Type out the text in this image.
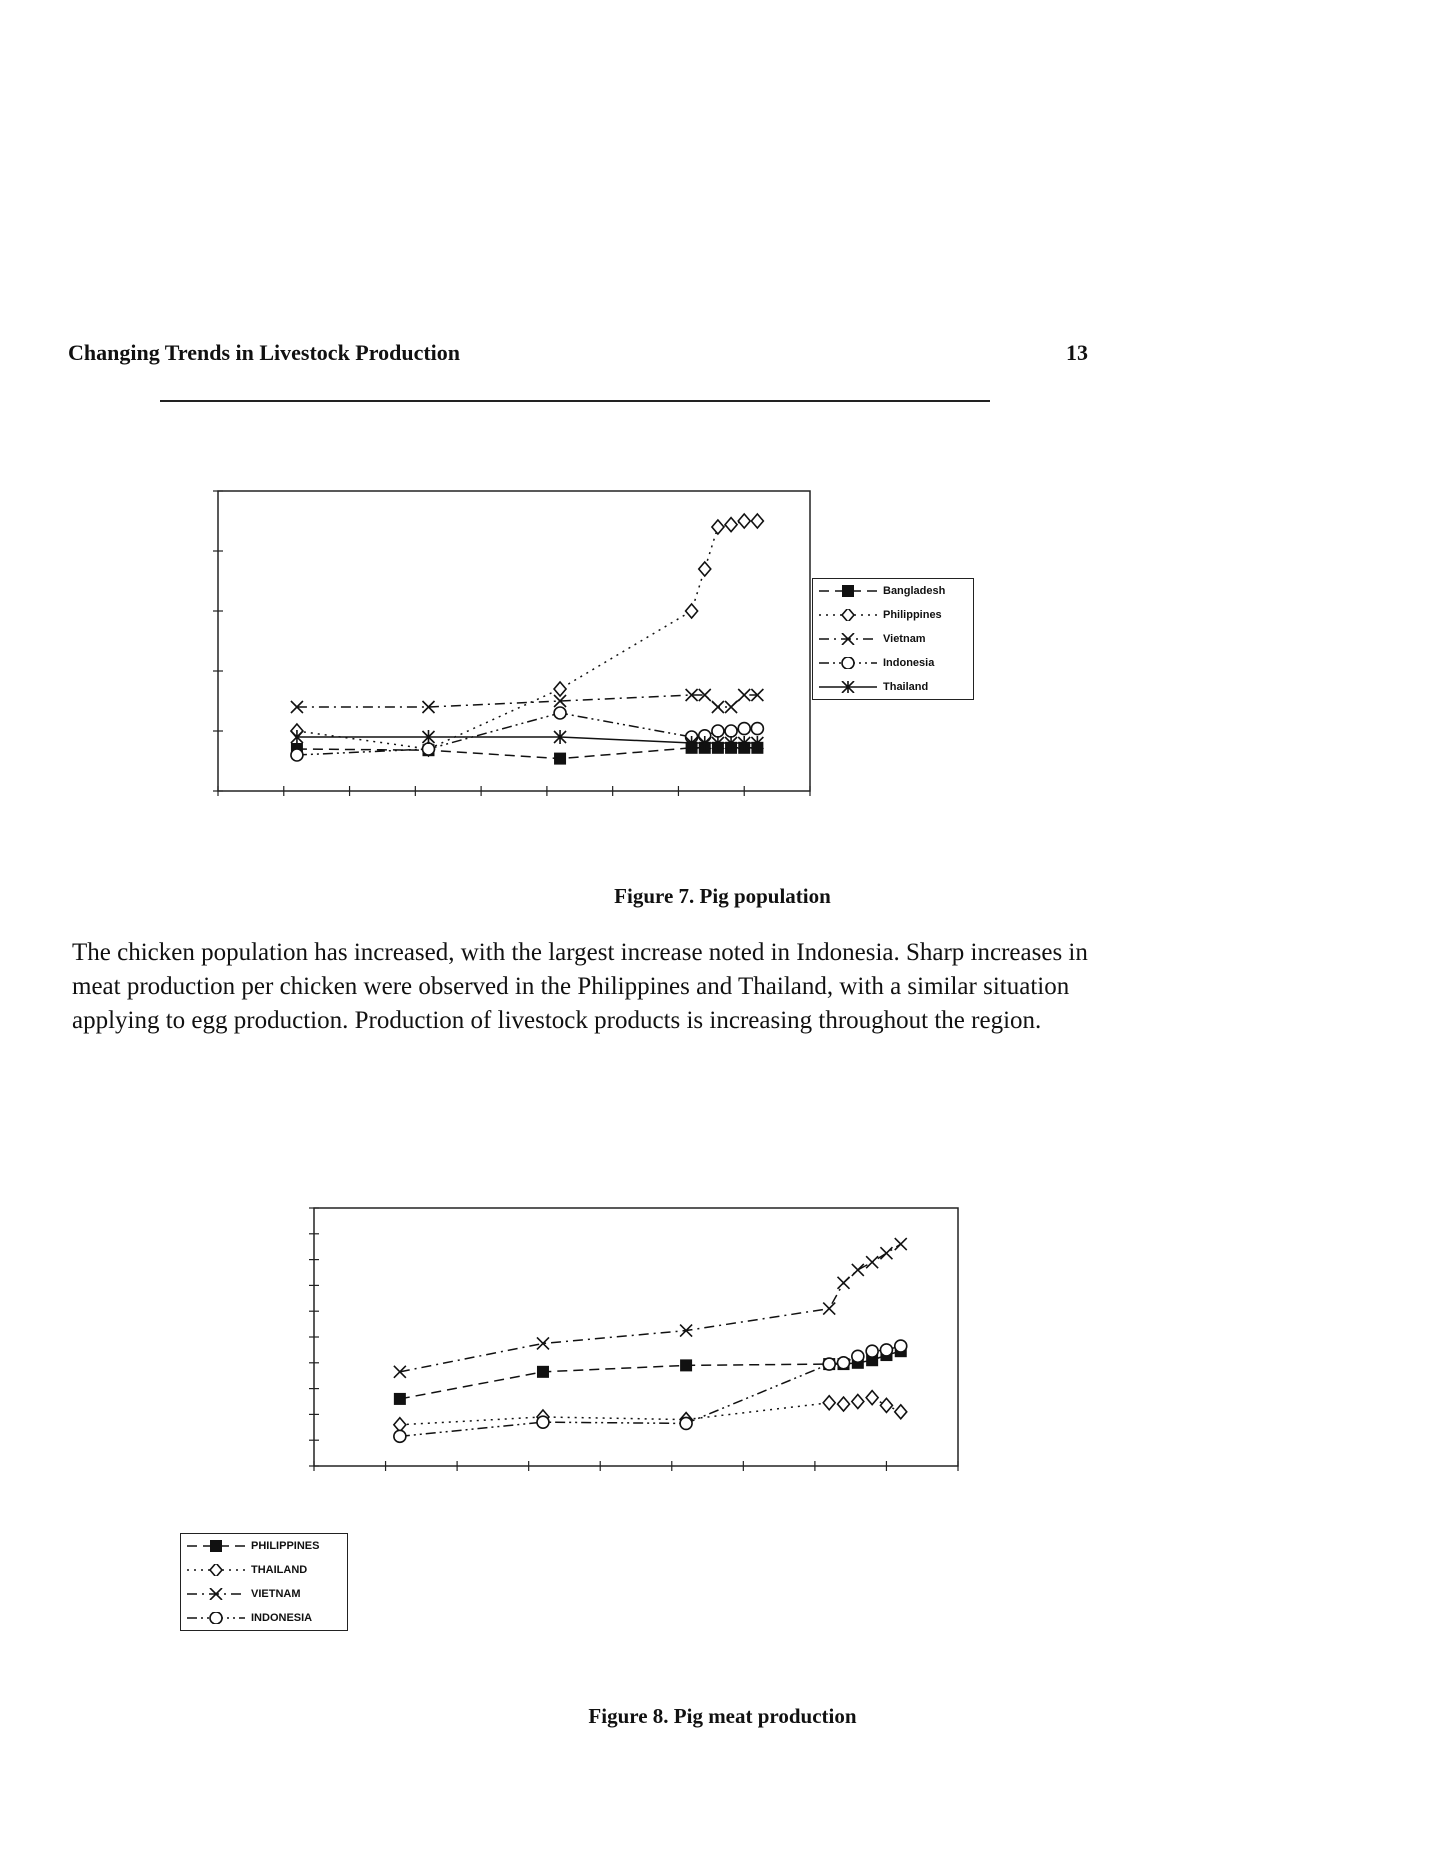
Changing Trends in Livestock Production	13
Bangladesh
Philippines
Vietnam
Indonesia
Thailand
Figure 7. Pig population
The chicken population has increased, with the largest increase noted in Indonesia. Sharp increases in meat production per chicken were observed in the Philippines and Thailand, with a similar situation applying to egg production. Production of livestock products is increasing throughout the region.
PHILIPPINES
THAILAND
VIETNAM
INDONESIA
Figure 8. Pig meat production
